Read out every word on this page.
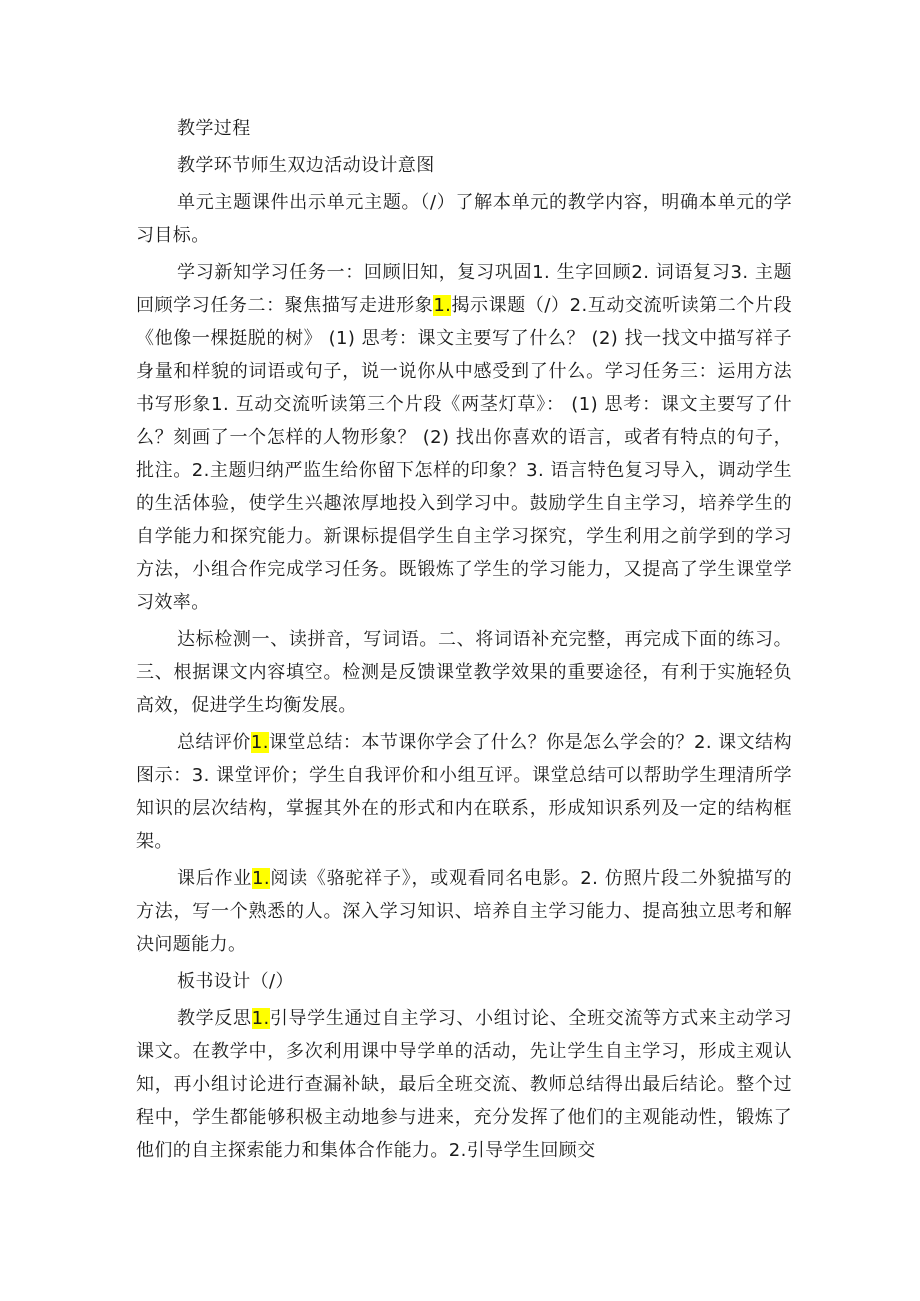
教学过程

教学环节师生双边活动设计意图

单元主题课件出示单元主题。（/）了解本单元的教学内容，明确本单元的学习目标。

学习新知学习任务一：回顾旧知，复习巩固1. 生字回顾2. 词语复习3. 主题回顾学习任务二：聚焦描写走进形象1.揭示课题（/）2.互动交流听读第二个片段《他像一棵挺脱的树》 (1) 思考：课文主要写了什么？ (2) 找一找文中描写祥子身量和样貌的词语或句子，说一说你从中感受到了什么。学习任务三：运用方法书写形象1. 互动交流听读第三个片段《两茎灯草》： (1) 思考：课文主要写了什么？刻画了一个怎样的人物形象？ (2) 找出你喜欢的语言，或者有特点的句子，批注。2.主题归纳严监生给你留下怎样的印象？3. 语言特色复习导入，调动学生的生活体验，使学生兴趣浓厚地投入到学习中。鼓励学生自主学习，培养学生的自学能力和探究能力。新课标提倡学生自主学习探究，学生利用之前学到的学习方法，小组合作完成学习任务。既锻炼了学生的学习能力，又提高了学生课堂学习效率。

达标检测一、读拼音，写词语。二、将词语补充完整，再完成下面的练习。三、根据课文内容填空。检测是反馈课堂教学效果的重要途径，有利于实施轻负高效，促进学生均衡发展。

总结评价1.课堂总结：本节课你学会了什么？你是怎么学会的？2. 课文结构图示：3. 课堂评价；学生自我评价和小组互评。课堂总结可以帮助学生理清所学知识的层次结构，掌握其外在的形式和内在联系，形成知识系列及一定的结构框架。

课后作业1.阅读《骆驼祥子》，或观看同名电影。2. 仿照片段二外貌描写的方法，写一个熟悉的人。深入学习知识、培养自主学习能力、提高独立思考和解决问题能力。

板书设计（/）

教学反思1.引导学生通过自主学习、小组讨论、全班交流等方式来主动学习课文。在教学中，多次利用课中导学单的活动，先让学生自主学习，形成主观认知，再小组讨论进行查漏补缺，最后全班交流、教师总结得出最后结论。整个过程中，学生都能够积极主动地参与进来，充分发挥了他们的主观能动性，锻炼了他们的自主探索能力和集体合作能力。2.引导学生回顾交
